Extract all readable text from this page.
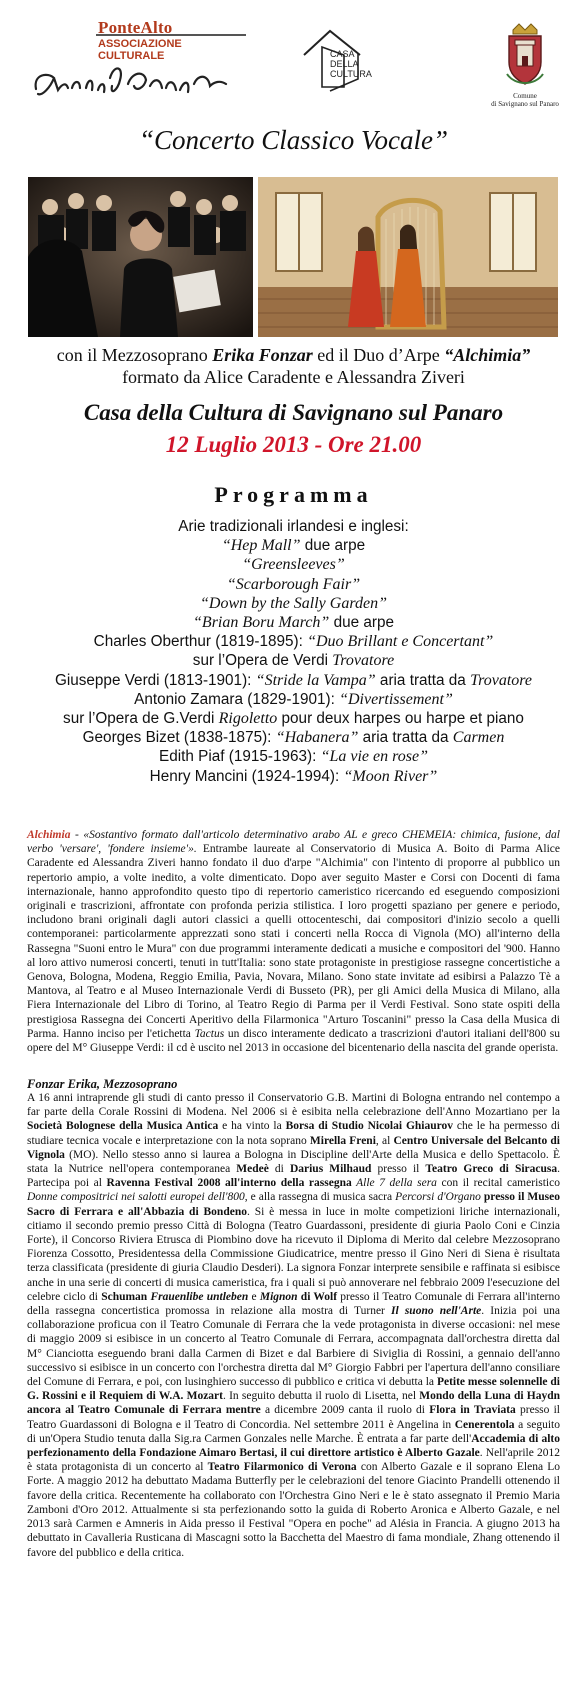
PonteAlto
ASSOCIAZIONE CULTURALE	CASA
DELLA
CULTURA
Comune
di Savignano sul Panaro
“Concerto Classico Vocale”
con il Mezzosoprano Erika Fonzar ed il Duo d’Arpe “Alchimia”
formato da Alice Caradente e Alessandra Ziveri
Casa della Cultura di Savignano sul Panaro
12 Luglio 2013 - Ore 21.00
Programma
Arie tradizionali irlandesi e inglesi:
“Hep Mall” due arpe
“Greensleeves”
“Scarborough Fair”
“Down by the Sally Garden”
“Brian Boru March” due arpe
Charles Oberthur (1819-1895): “Duo Brillant e Concertant”
sur l’Opera de Verdi Trovatore
Giuseppe Verdi (1813-1901): “Stride la Vampa” aria tratta da Trovatore
Antonio Zamara (1829-1901): “Divertissement”
sur l’Opera de G.Verdi Rigoletto pour deux harpes ou harpe et piano
Georges Bizet (1838-1875): “Habanera” aria tratta da Carmen
Edith Piaf (1915-1963): “La vie en rose”
Henry Mancini (1924-1994): “Moon River”
Alchimia - «Sostantivo formato dall'articolo determinativo arabo AL e greco CHEMEIA: chimica, fusione, dal verbo 'versare', 'fondere insieme'». Entrambe laureate al Conservatorio di Musica A. Boito di Parma Alice Caradente ed Alessandra Ziveri hanno fondato il duo d'arpe "Alchimia" con l'intento di proporre al pubblico un repertorio ampio, a volte inedito, a volte dimenticato. Dopo aver seguito Master e Corsi con Docenti di fama internazionale, hanno approfondito questo tipo di repertorio cameristico ricercando ed eseguendo composizioni originali e trascrizioni, affrontate con profonda perizia stilistica. I loro progetti spaziano per genere e periodo, includono brani originali dagli autori classici a quelli ottocenteschi, dai compositori d'inizio secolo a quelli contemporanei: particolarmente apprezzati sono stati i concerti nella Rocca di Vignola (MO) all'interno della Rassegna "Suoni entro le Mura" con due programmi interamente dedicati a musiche e compositori del '900. Hanno al loro attivo numerosi concerti, tenuti in tutt'Italia: sono state protagoniste in prestigiose rassegne concertistiche a Genova, Bologna, Modena, Reggio Emilia, Pavia, Novara, Milano. Sono state invitate ad esibirsi a Palazzo Tè a Mantova, al Teatro e al Museo Internazionale Verdi di Busseto (PR), per gli Amici della Musica di Milano, alla Fiera Internazionale del Libro di Torino, al Teatro Regio di Parma per il Verdi Festival. Sono state ospiti della prestigiosa Rassegna dei Concerti Aperitivo della Filarmonica "Arturo Toscanini" presso la Casa della Musica di Parma. Hanno inciso per l'etichetta Tactus un disco interamente dedicato a trascrizioni d'autori italiani dell'800 su opere del M° Giuseppe Verdi: il cd è uscito nel 2013 in occasione del bicentenario della nascita del grande operista.
Fonzar Erika, Mezzosoprano
A 16 anni intraprende gli studi di canto presso il Conservatorio G.B. Martini di Bologna entrando nel contempo a far parte della Corale Rossini di Modena. Nel 2006 si è esibita nella celebrazione dell'Anno Mozartiano per la Società Bolognese della Musica Antica e ha vinto la Borsa di Studio Nicolai Ghiaurov che le ha permesso di studiare tecnica vocale e interpretazione con la nota soprano Mirella Freni, al Centro Universale del Belcanto di Vignola (MO). Nello stesso anno si laurea a Bologna in Discipline dell'Arte della Musica e dello Spettacolo. È stata la Nutrice nell'opera contemporanea Medeè di Darius Milhaud presso il Teatro Greco di Siracusa. Partecipa poi al Ravenna Festival 2008 all'interno della rassegna Alle 7 della sera con il recital cameristico Donne compositrici nei salotti europei dell'800, e alla rassegna di musica sacra Percorsi d'Organo presso il Museo Sacro di Ferrara e all'Abbazia di Bondeno. Si è messa in luce in molte competizioni liriche internazionali, citiamo il secondo premio presso Città di Bologna (Teatro Guardassoni, presidente di giuria Paolo Coni e Cinzia Forte), il Concorso Riviera Etrusca di Piombino dove ha ricevuto il Diploma di Merito dal celebre Mezzosoprano Fiorenza Cossotto, Presidentessa della Commissione Giudicatrice, mentre presso il Gino Neri di Siena è risultata terza classificata (presidente di giuria Claudio Desderi). La signora Fonzar interprete sensibile e raffinata si esibisce anche in una serie di concerti di musica cameristica, fra i quali si può annoverare nel febbraio 2009 l'esecuzione del celebre ciclo di Schuman Frauenlibe untleben e Mignon di Wolf presso il Teatro Comunale di Ferrara all'interno della rassegna concertistica promossa in relazione alla mostra di Turner Il suono nell'Arte. Inizia poi una collaborazione proficua con il Teatro Comunale di Ferrara che la vede protagonista in diverse occasioni: nel mese di maggio 2009 si esibisce in un concerto al Teatro Comunale di Ferrara, accompagnata dall'orchestra diretta dal M° Cianciotta eseguendo brani dalla Carmen di Bizet e dal Barbiere di Siviglia di Rossini, a gennaio dell'anno successivo si esibisce in un concerto con l'orchestra diretta dal M° Giorgio Fabbri per l'apertura dell'anno consiliare del Comune di Ferrara, e poi, con lusinghiero successo di pubblico e critica vi debutta la Petite messe solennelle di G. Rossini e il Requiem di W.A. Mozart. In seguito debutta il ruolo di Lisetta, nel Mondo della Luna di Haydn ancora al Teatro Comunale di Ferrara mentre a dicembre 2009 canta il ruolo di Flora in Traviata presso il Teatro Guardassoni di Bologna e il Teatro di Concordia. Nel settembre 2011 è Angelina in Cenerentola a seguito di un'Opera Studio tenuta dalla Sig.ra Carmen Gonzales nelle Marche. È entrata a far parte dell'Accademia di alto perfezionamento della Fondazione Aimaro Bertasi, il cui direttore artistico è Alberto Gazale. Nell'aprile 2012 è stata protagonista di un concerto al Teatro Filarmonico di Verona con Alberto Gazale e il soprano Elena Lo Forte. A maggio 2012 ha debuttato Madama Butterfly per le celebrazioni del tenore Giacinto Prandelli ottenendo il favore della critica. Recentemente ha collaborato con l'Orchestra Gino Neri e le è stato assegnato il Premio Maria Zamboni d'Oro 2012. Attualmente si sta perfezionando sotto la guida di Roberto Aronica e Alberto Gazale, e nel 2013 sarà Carmen e Amneris in Aida presso il Festival "Opera en poche" ad Alésia in Francia. A giugno 2013 ha debuttato in Cavalleria Rusticana di Mascagni sotto la Bacchetta del Maestro di fama mondiale, Zhang ottenendo il favore del pubblico e della critica.
